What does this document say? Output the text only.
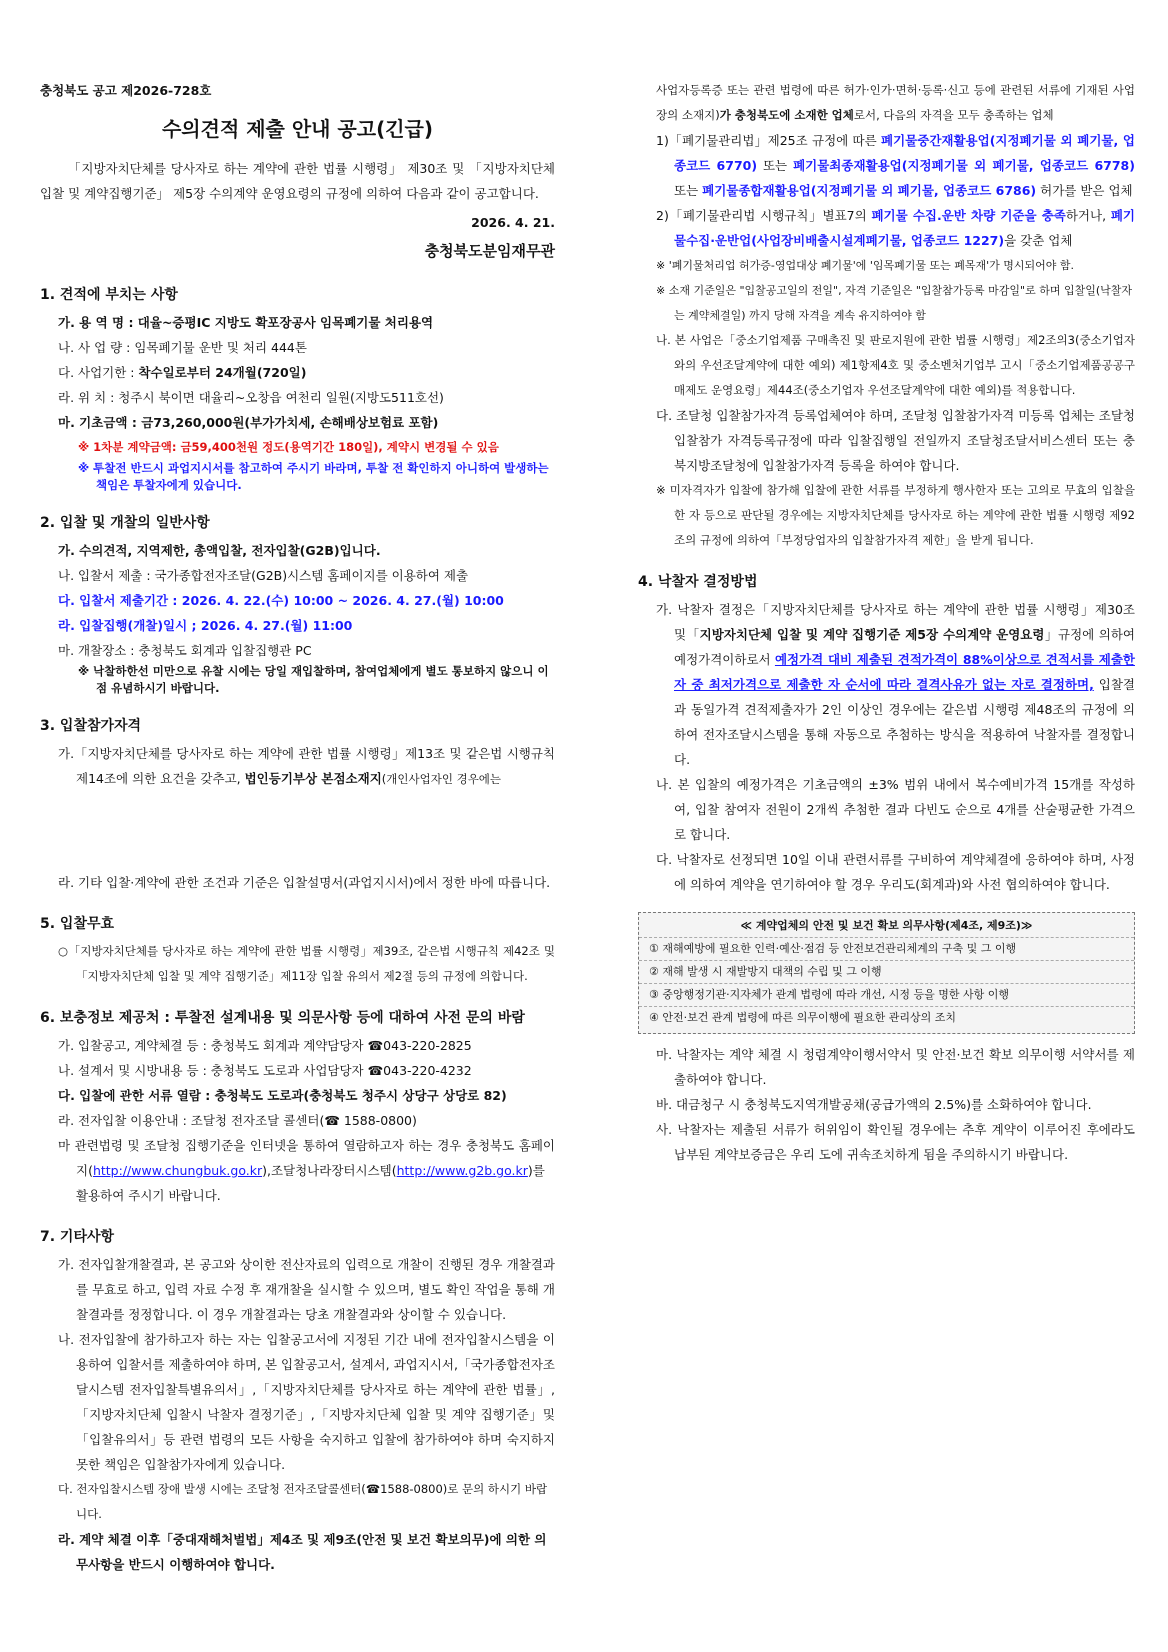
충청북도 공고 제2026-728호

수의견적 제출 안내 공고(긴급)

「지방자치단체를 당사자로 하는 계약에 관한 법률 시행령」 제30조 및 「지방자치단체 입찰 및 계약집행기준」 제5장 수의계약 운영요령의 규정에 의하여 다음과 같이 공고합니다.

2026. 4. 21.

충청북도분임재무관

1. 견적에 부치는 사항

가. 용 역 명 : 대율~증평IC 지방도 확포장공사 임목폐기물 처리용역

나. 사 업 량 : 임목폐기물 운반 및 처리 444톤

다. 사업기한 : 착수일로부터 24개월(720일)

라. 위 치 : 청주시 북이면 대율리~오창읍 여천리 일원(지방도511호선)

마. 기초금액 : 금73,260,000원(부가가치세, 손해배상보험료 포함)

※ 1차분 계약금액: 금59,400천원 정도(용역기간 180일), 계약시 변경될 수 있음

※ 투찰전 반드시 과업지시서를 참고하여 주시기 바라며, 투찰 전 확인하지 아니하여 발생하는 책임은 투찰자에게 있습니다.

2. 입찰 및 개찰의 일반사항

가. 수의견적, 지역제한, 총액입찰, 전자입찰(G2B)입니다.

나. 입찰서 제출 : 국가종합전자조달(G2B)시스템 홈페이지를 이용하여 제출

다. 입찰서 제출기간 : 2026. 4. 22.(수) 10:00 ~ 2026. 4. 27.(월) 10:00

라. 입찰집행(개찰)일시 ; 2026. 4. 27.(월) 11:00

마. 개찰장소 : 충청북도 회계과 입찰집행관 PC

※ 낙찰하한선 미만으로 유찰 시에는 당일 재입찰하며, 참여업체에게 별도 통보하지 않으니 이점 유념하시기 바랍니다.

3. 입찰참가자격

가.「지방자치단체를 당사자로 하는 계약에 관한 법률 시행령」제13조 및 같은법 시행규칙 제14조에 의한 요건을 갖추고, 법인등기부상 본점소재지(개인사업자인 경우에는

라. 기타 입찰·계약에 관한 조건과 기준은 입찰설명서(과업지시서)에서 정한 바에 따릅니다.

5. 입찰무효

○「지방자치단체를 당사자로 하는 계약에 관한 법률 시행령」제39조, 같은법 시행규칙 제42조 및「지방자치단체 입찰 및 계약 집행기준」제11장 입찰 유의서 제2절 등의 규정에 의합니다.

6. 보충정보 제공처 : 투찰전 설계내용 및 의문사항 등에 대하여 사전 문의 바람

가. 입찰공고, 계약체결 등 : 충청북도 회계과 계약담당자 ☎043-220-2825

나. 설계서 및 시방내용 등 : 충청북도 도로과 사업담당자 ☎043-220-4232

다. 입찰에 관한 서류 열람 : 충청북도 도로과(충청북도 청주시 상당구 상당로 82)

라. 전자입찰 이용안내 : 조달청 전자조달 콜센터(☎ 1588-0800)

마 관련법령 및 조달청 집행기준을 인터넷을 통하여 열람하고자 하는 경우 충청북도 홈페이지(http://www.chungbuk.go.kr),조달청나라장터시스템(http://www.g2b.go.kr)를 활용하여 주시기 바랍니다.

7. 기타사항

가. 전자입찰개찰결과, 본 공고와 상이한 전산자료의 입력으로 개찰이 진행된 경우 개찰결과를 무효로 하고, 입력 자료 수정 후 재개찰을 실시할 수 있으며, 별도 확인 작업을 통해 개찰결과를 정정합니다. 이 경우 개찰결과는 당초 개찰결과와 상이할 수 있습니다.

나. 전자입찰에 참가하고자 하는 자는 입찰공고서에 지정된 기간 내에 전자입찰시스템을 이용하여 입찰서를 제출하여야 하며, 본 입찰공고서, 설계서, 과업지시서,「국가종합전자조달시스템 전자입찰특별유의서」,「지방자치단체를 당사자로 하는 계약에 관한 법률」,「지방자치단체 입찰시 낙찰자 결정기준」,「지방자치단체 입찰 및 계약 집행기준」및「입찰유의서」등 관련 법령의 모든 사항을 숙지하고 입찰에 참가하여야 하며 숙지하지 못한 책임은 입찰참가자에게 있습니다.

다. 전자입찰시스템 장애 발생 시에는 조달청 전자조달콜센터(☎1588-0800)로 문의 하시기 바랍니다.

라. 계약 체결 이후「중대재해처벌법」제4조 및 제9조(안전 및 보건 확보의무)에 의한 의무사항을 반드시 이행하여야 합니다.

사업자등록증 또는 관련 법령에 따른 허가·인가·면허·등록·신고 등에 관련된 서류에 기재된 사업장의 소재지)가 충청북도에 소재한 업체로서, 다음의 자격을 모두 충족하는 업체

1)「폐기물관리법」제25조 규정에 따른 폐기물중간재활용업(지정폐기물 외 폐기물, 업종코드 6770) 또는 폐기물최종재활용업(지정폐기물 외 폐기물, 업종코드 6778) 또는 폐기물종합재활용업(지정폐기물 외 폐기물, 업종코드 6786) 허가를 받은 업체

2)「폐기물관리법 시행규칙」별표7의 폐기물 수집.운반 차량 기준을 충족하거나, 폐기물수집·운반업(사업장비배출시설계폐기물, 업종코드 1227)을 갖춘 업체

※ '폐기물처리업 허가증-영업대상 폐기물'에 '임목폐기물 또는 폐목재'가 명시되어야 함.

※ 소재 기준일은 "입찰공고일의 전일", 자격 기준일은 "입찰참가등록 마감일"로 하며 입찰일(낙찰자는 계약체결일) 까지 당해 자격을 계속 유지하여야 함

나. 본 사업은「중소기업제품 구매촉진 및 판로지원에 관한 법률 시행령」제2조의3(중소기업자와의 우선조달계약에 대한 예외) 제1항제4호 및 중소벤처기업부 고시「중소기업제품공공구매제도 운영요령」제44조(중소기업자 우선조달계약에 대한 예외)를 적용합니다.

다. 조달청 입찰참가자격 등록업체여야 하며, 조달청 입찰참가자격 미등록 업체는 조달청입찰참가 자격등록규정에 따라 입찰집행일 전일까지 조달청조달서비스센터 또는 충북지방조달청에 입찰참가자격 등록을 하여야 합니다.

※ 미자격자가 입찰에 참가해 입찰에 관한 서류를 부정하게 행사한자 또는 고의로 무효의 입찰을 한 자 등으로 판단될 경우에는 지방자치단체를 당사자로 하는 계약에 관한 법률 시행령 제92조의 규정에 의하여「부정당업자의 입찰참가자격 제한」을 받게 됩니다.

4. 낙찰자 결정방법

가. 낙찰자 결정은「지방자치단체를 당사자로 하는 계약에 관한 법률 시행령」제30조 및「지방자치단체 입찰 및 계약 집행기준 제5장 수의계약 운영요령」규정에 의하여 예정가격이하로서 예정가격 대비 제출된 견적가격이 88%이상으로 견적서를 제출한 자 중 최저가격으로 제출한 자 순서에 따라 결격사유가 없는 자로 결정하며, 입찰결과 동일가격 견적제출자가 2인 이상인 경우에는 같은법 시행령 제48조의 규정에 의하여 전자조달시스템을 통해 자동으로 추첨하는 방식을 적용하여 낙찰자를 결정합니다.

나. 본 입찰의 예정가격은 기초금액의 ±3% 범위 내에서 복수예비가격 15개를 작성하여, 입찰 참여자 전원이 2개씩 추첨한 결과 다빈도 순으로 4개를 산술평균한 가격으로 합니다.

다. 낙찰자로 선정되면 10일 이내 관련서류를 구비하여 계약체결에 응하여야 하며, 사정에 의하여 계약을 연기하여야 할 경우 우리도(회계과)와 사전 협의하여야 합니다.

≪ 계약업체의 안전 및 보건 확보 의무사항(제4조, 제9조)≫
① 재해예방에 필요한 인력·예산·점검 등 안전보건관리체계의 구축 및 그 이행
② 재해 발생 시 재발방지 대책의 수립 및 그 이행
③ 중앙행정기관·지자체가 관계 법령에 따라 개선, 시정 등을 명한 사항 이행
④ 안전·보건 관계 법령에 따른 의무이행에 필요한 관리상의 조치

마. 낙찰자는 계약 체결 시 청렴계약이행서약서 및 안전·보건 확보 의무이행 서약서를 제출하여야 합니다.

바. 대금청구 시 충청북도지역개발공채(공급가액의 2.5%)를 소화하여야 합니다.

사. 낙찰자는 제출된 서류가 허위임이 확인될 경우에는 추후 계약이 이루어진 후에라도 납부된 계약보증금은 우리 도에 귀속조치하게 됨을 주의하시기 바랍니다.
